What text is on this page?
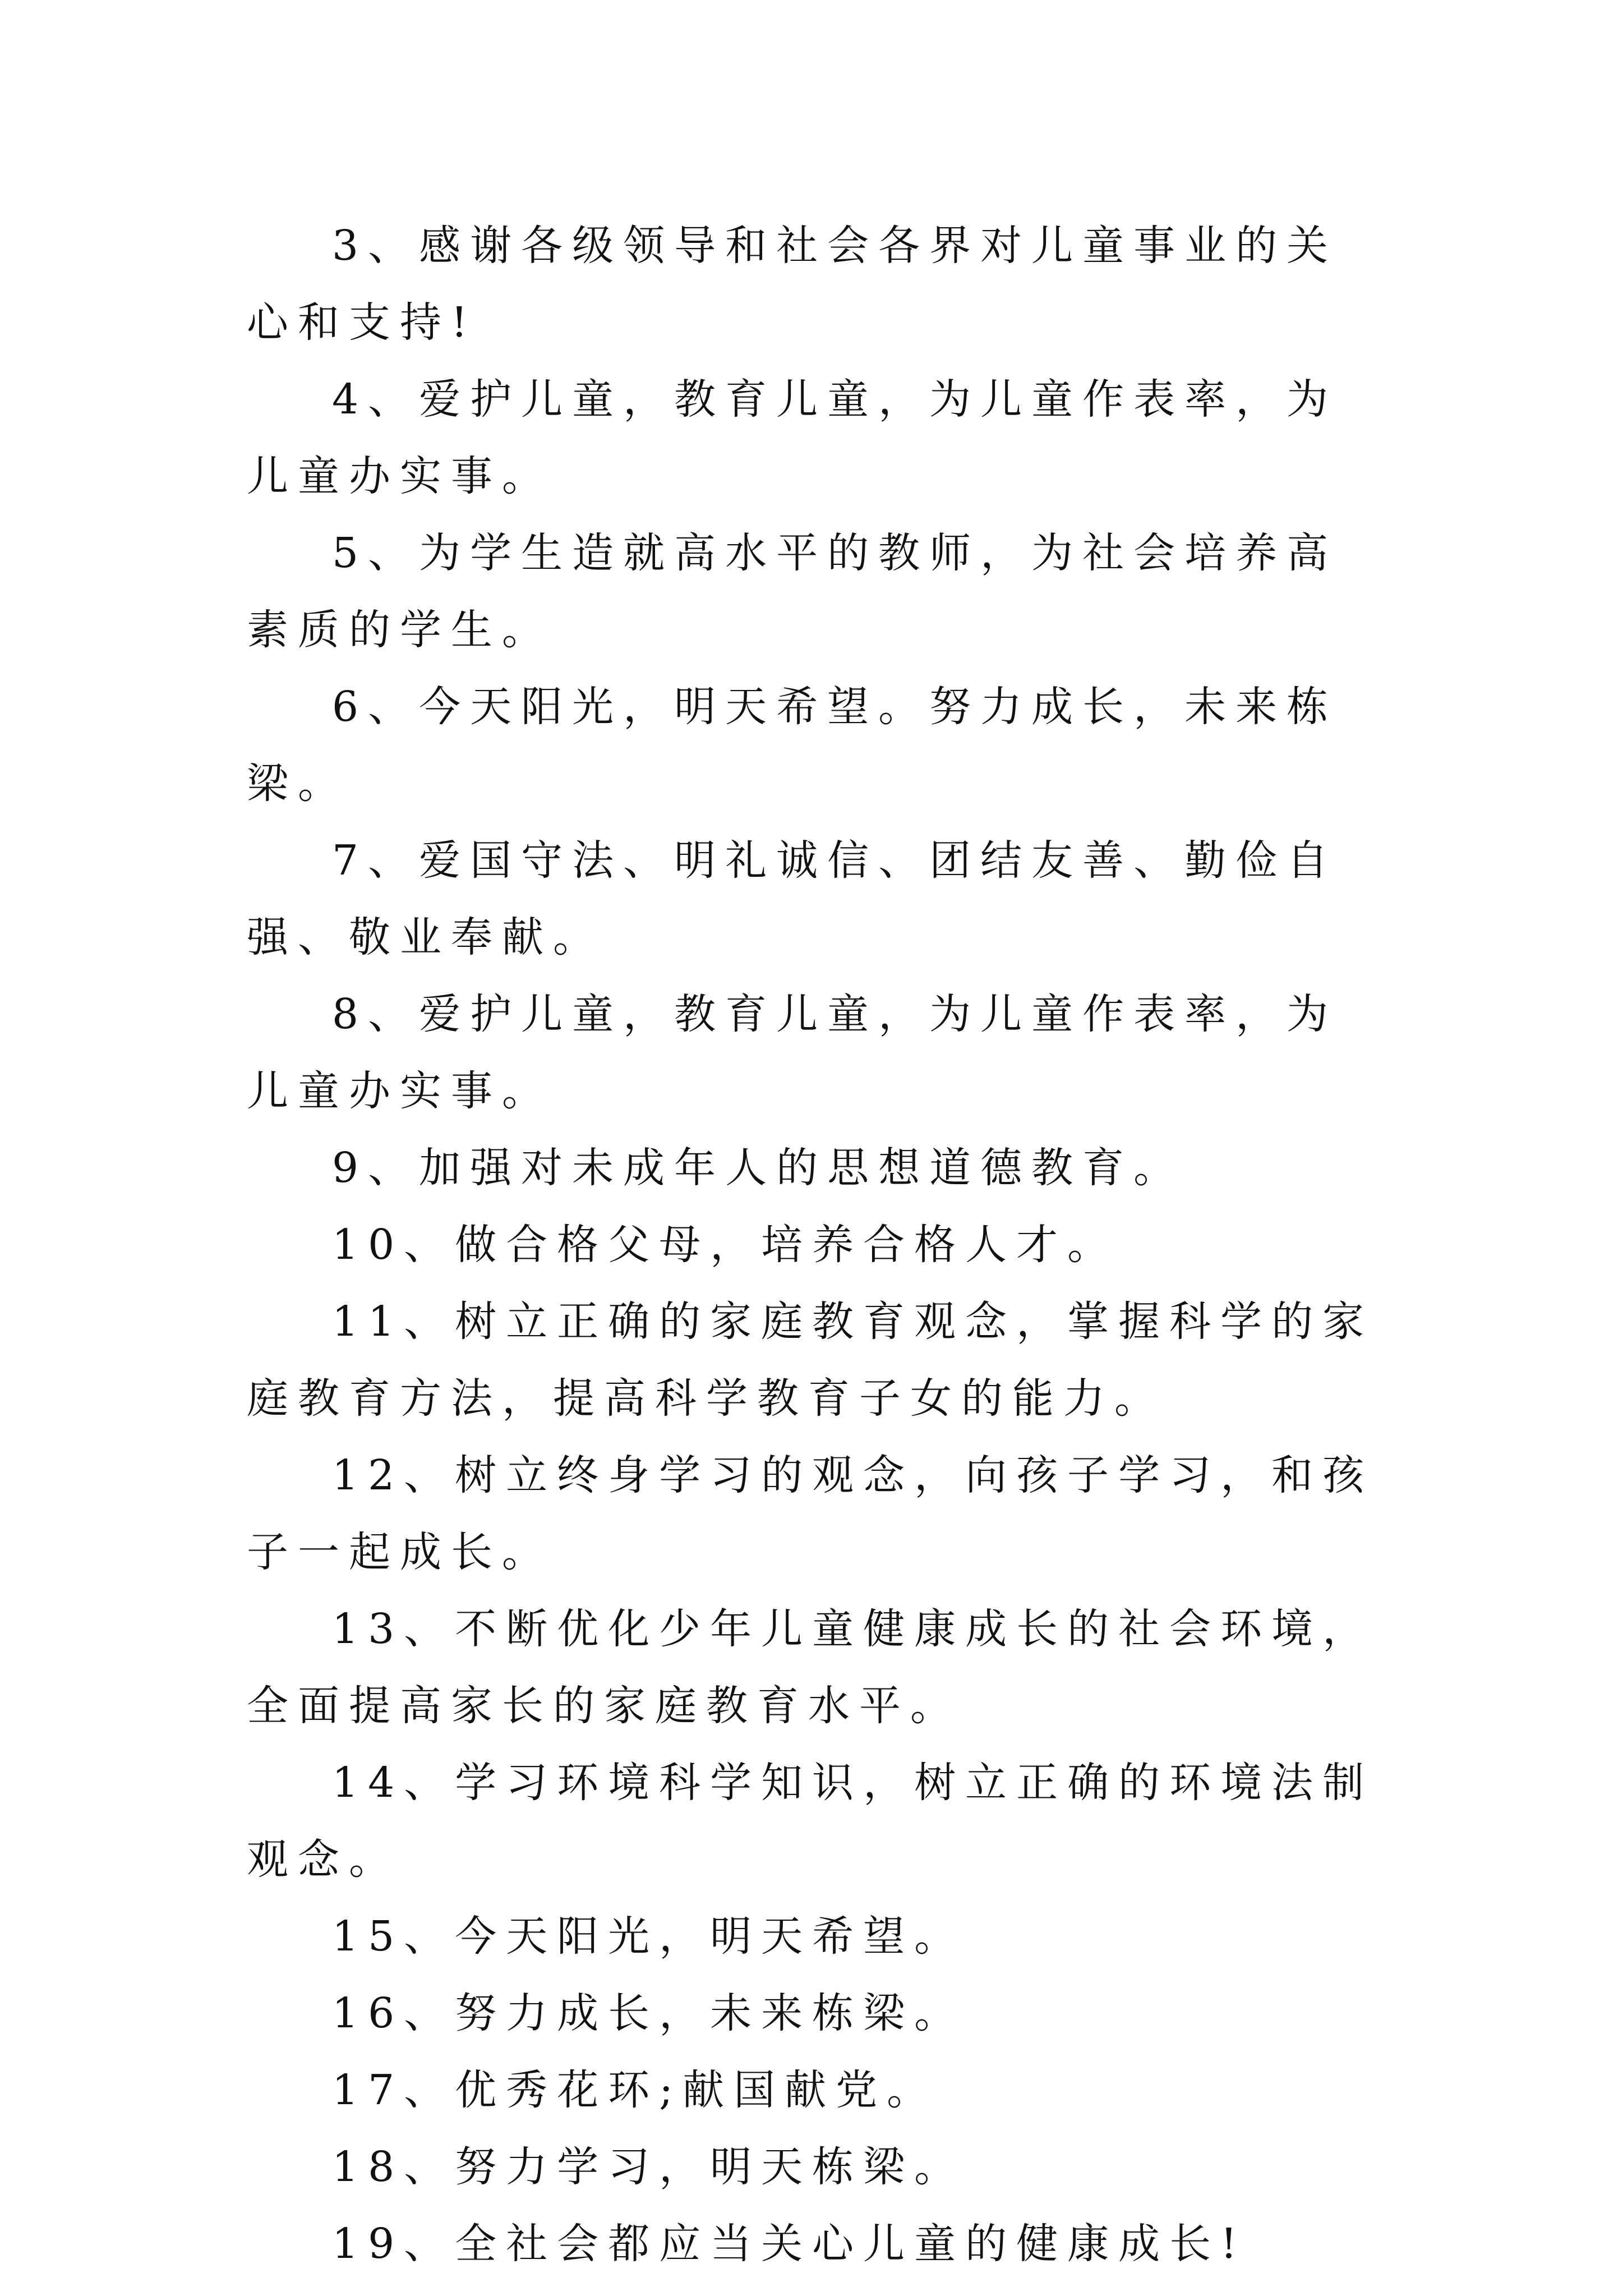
3、感谢各级领导和社会各界对儿童事业的关心和支持!

4、爱护儿童，教育儿童，为儿童作表率，为儿童办实事。

5、为学生造就高水平的教师，为社会培养高素质的学生。

6、今天阳光，明天希望。努力成长，未来栋梁。

7、爱国守法、明礼诚信、团结友善、勤俭自强、敬业奉献。

8、爱护儿童，教育儿童，为儿童作表率，为儿童办实事。

9、加强对未成年人的思想道德教育。

10、做合格父母，培养合格人才。

11、树立正确的家庭教育观念，掌握科学的家庭教育方法，提高科学教育子女的能力。

12、树立终身学习的观念，向孩子学习，和孩子一起成长。

13、不断优化少年儿童健康成长的社会环境，全面提高家长的家庭教育水平。

14、学习环境科学知识，树立正确的环境法制观念。

15、今天阳光，明天希望。

16、努力成长，未来栋梁。

17、优秀花环;献国献党。

18、努力学习，明天栋梁。

19、全社会都应当关心儿童的健康成长!
